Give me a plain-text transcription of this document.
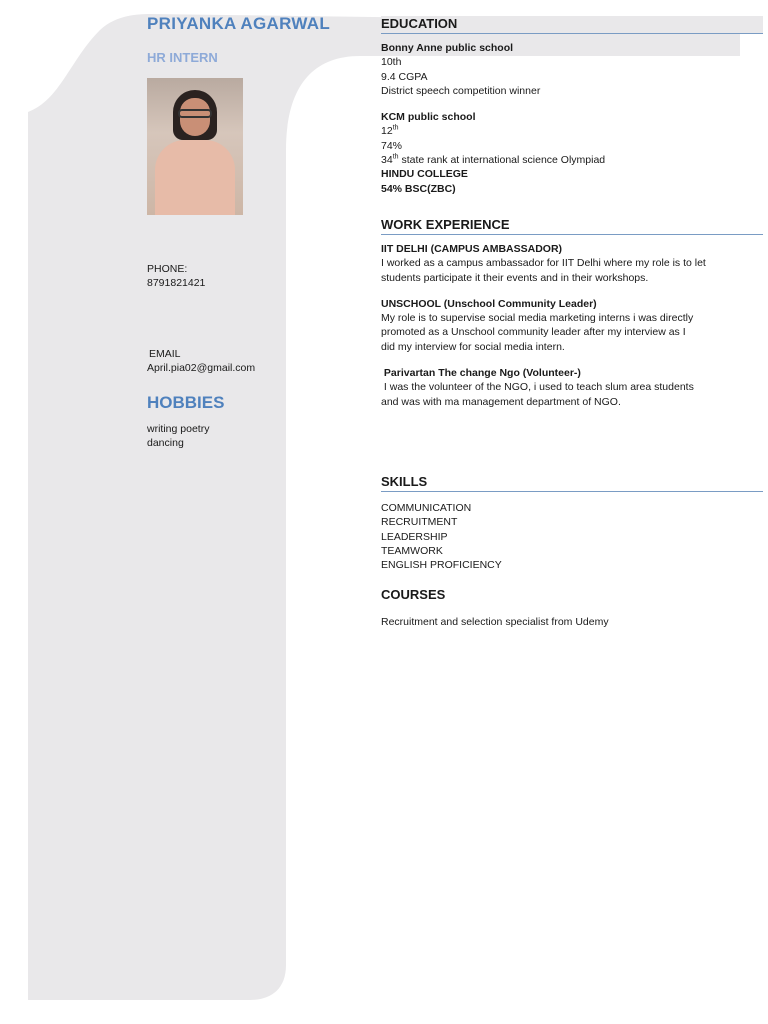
PRIYANKA AGARWAL
HR INTERN
PHONE:
8791821421
EMAIL
April.pia02@gmail.com
HOBBIES
writing poetry
dancing
EDUCATION
Bonny Anne public school
10th
9.4 CGPA
District speech competition winner
KCM public school
12th
74%
34th state rank at international science Olympiad
HINDU COLLEGE
54% BSC(ZBC)
WORK EXPERIENCE
IIT DELHI (CAMPUS AMBASSADOR)
I worked as a campus ambassador for IIT Delhi where my role is to let
students participate it their events and in their workshops.
UNSCHOOL (Unschool Community Leader)
My role is to supervise social media marketing interns i was directly
promoted as a Unschool community leader after my interview as I
did my interview for social media intern.
Parivartan The change Ngo (Volunteer-)
I was the volunteer of the NGO, i used to teach slum area students
and was with ma management department of NGO.
SKILLS
COMMUNICATION
RECRUITMENT
LEADERSHIP
TEAMWORK
ENGLISH PROFICIENCY
COURSES
Recruitment and selection specialist from Udemy
